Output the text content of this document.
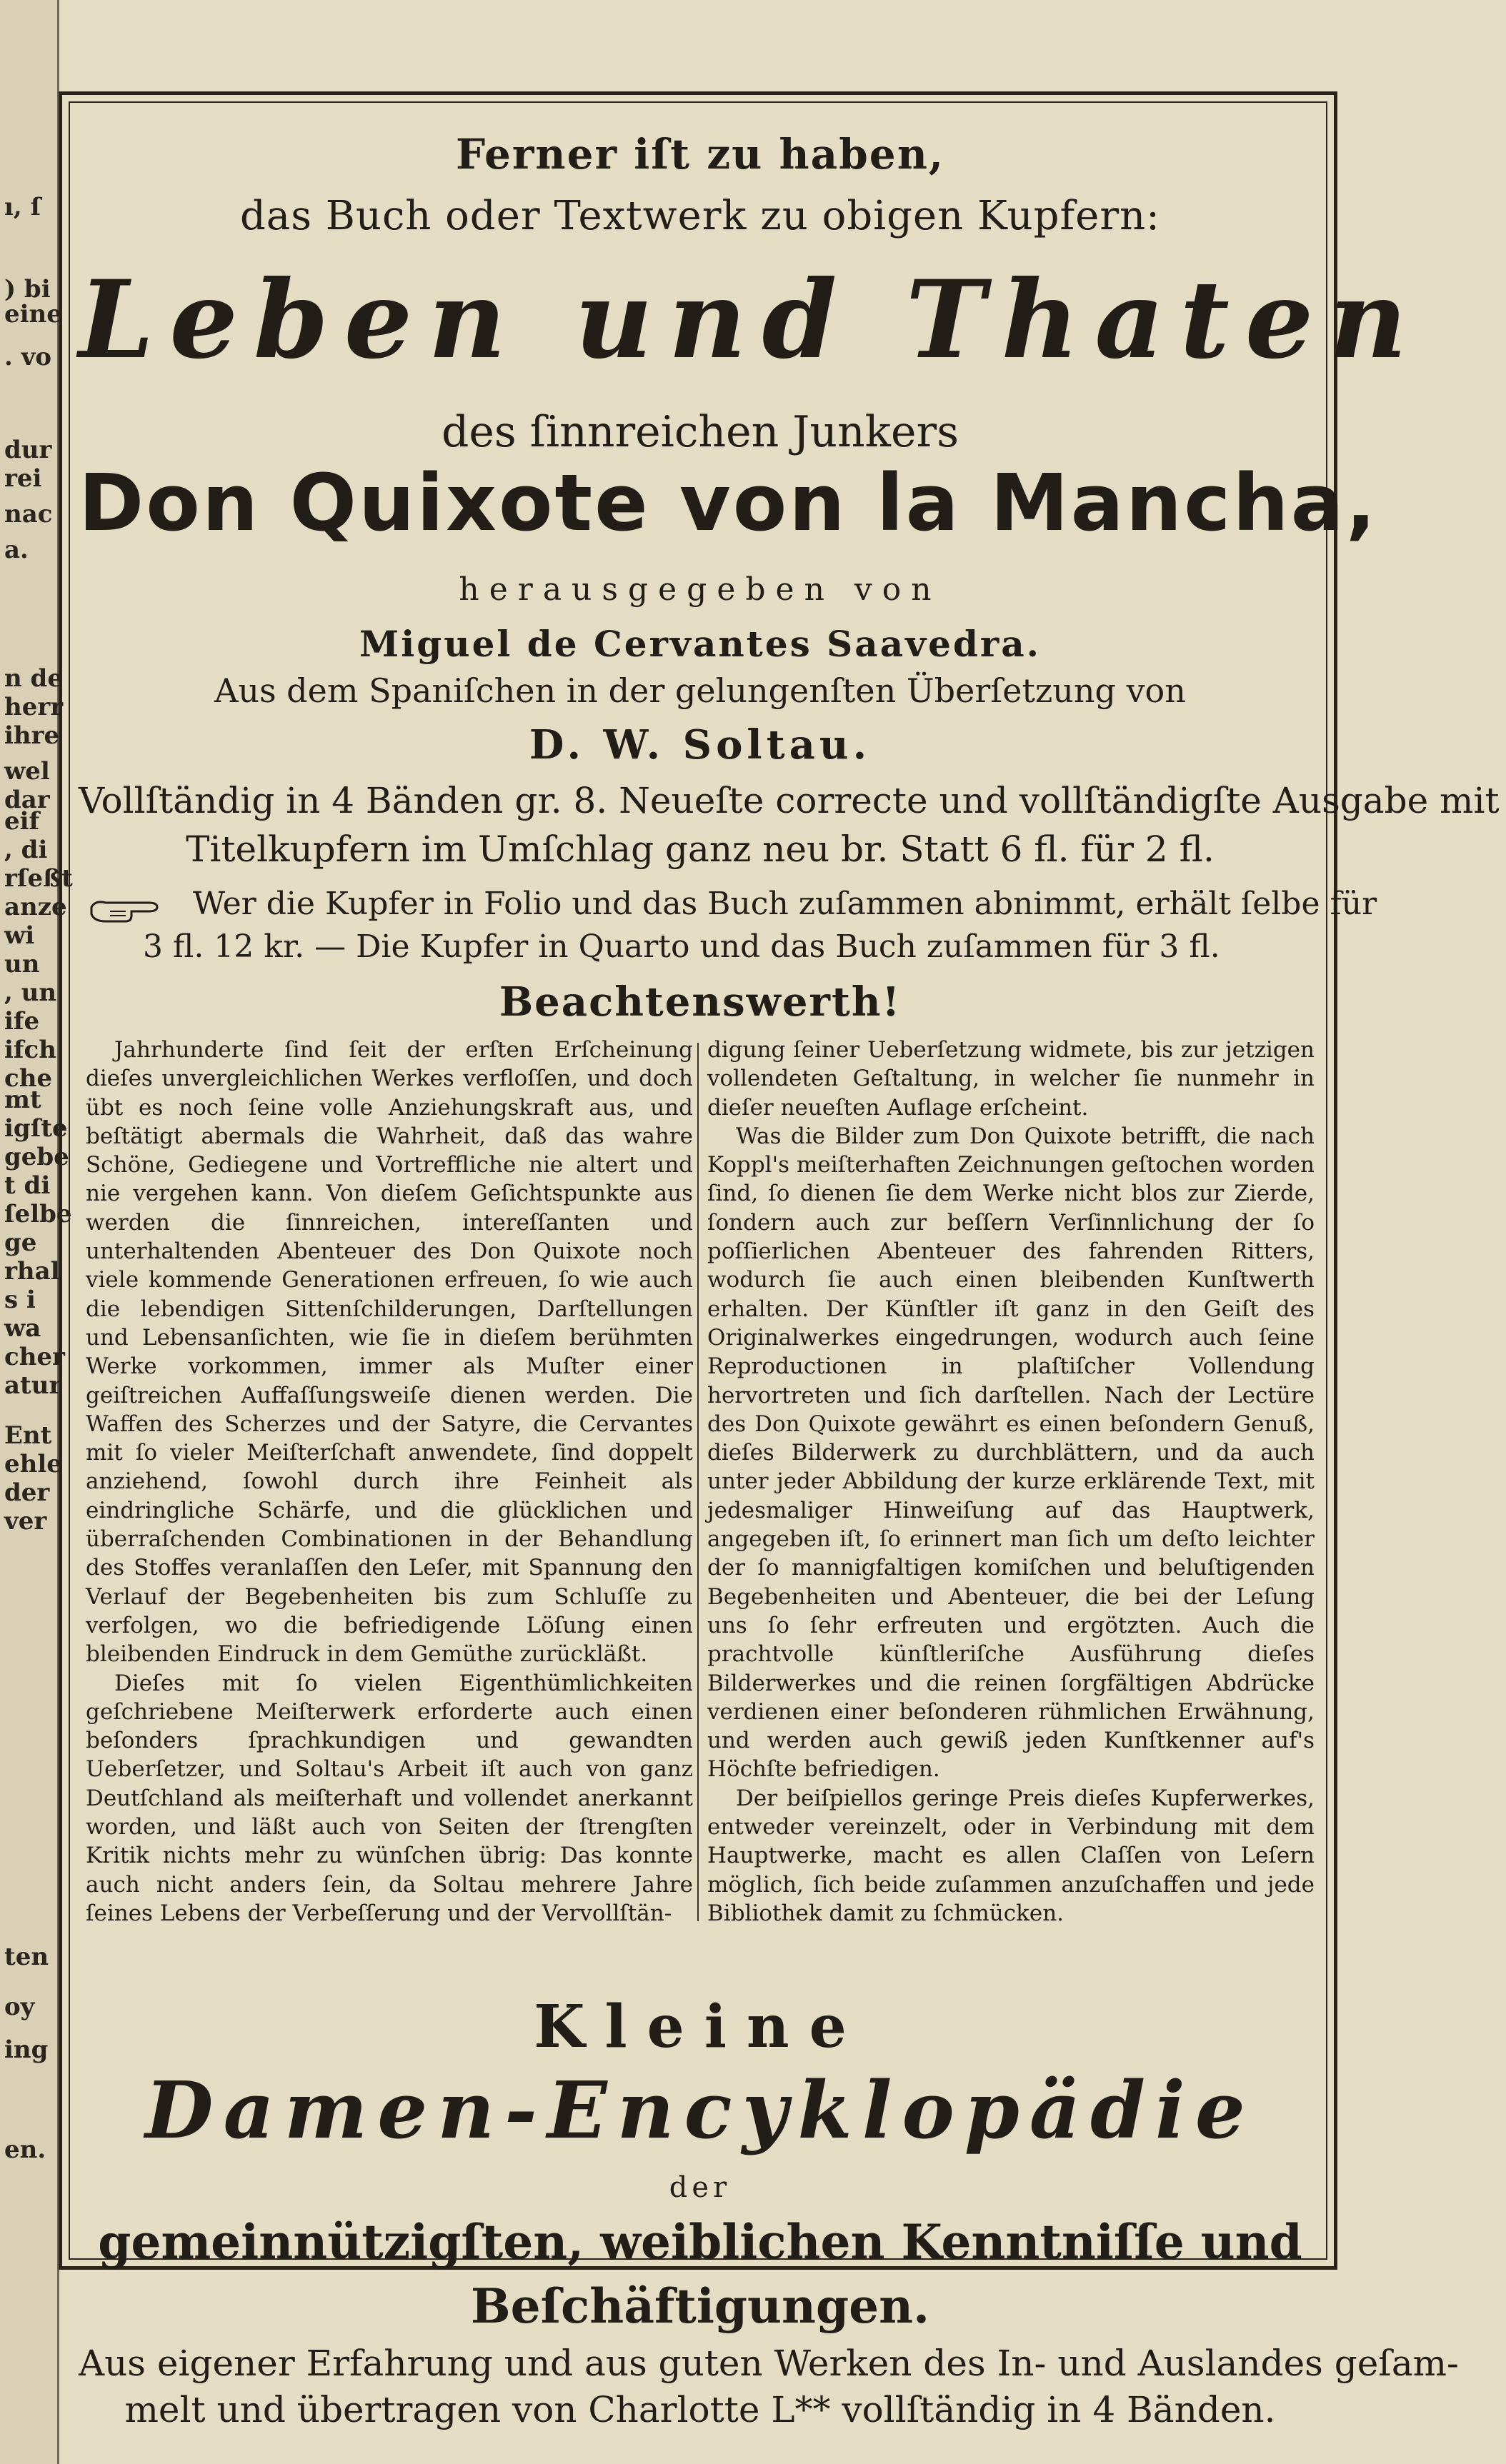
ı, ſ
) bi
eine
. vo
dur
rei
nac
a.
n de
herr
ihre
wel
dar
eif
, di
rſeßt
anze
wi
un
, un
ife
ifch
che
mt
igſte
gebe
t di
ſelbe
ge
rhal
s i
wa
cher
atur
Ent
ehle
der
ver
ten
oy
ing
en.
Ferner iſt zu haben,
das Buch oder Textwerk zu obigen Kupfern:
Leben und Thaten
des ſinnreichen Junkers
Don Quixote von la Mancha,
herausgegeben von
Miguel de Cervantes Saavedra.
Aus dem Spaniſchen in der gelungenſten Überſetzung von
D. W. Soltau.
Vollſtändig in 4 Bänden gr. 8. Neueſte correcte und vollſtändigſte Ausgabe mit
Titelkupfern im Umſchlag ganz neu br. Statt 6 fl. für 2 fl.
Wer die Kupfer in Folio und das Buch zuſammen abnimmt, erhält ſelbe für
3 fl. 12 kr. — Die Kupfer in Quarto und das Buch zuſammen für 3 fl.
Beachtenswerth!

Jahrhunderte ſind ſeit der erſten Erſcheinung dieſes unvergleichlichen Werkes verfloſſen, und doch übt es noch ſeine volle Anziehungskraft aus, und beſtätigt abermals die Wahrheit, daß das wahre Schöne, Gediegene und Vortreffliche nie altert und nie vergehen kann. Von dieſem Geſichtspunkte aus werden die ſinnreichen, intereſſanten und unterhaltenden Abenteuer des Don Quixote noch viele kommende Generationen erfreuen, ſo wie auch die lebendigen Sittenſchilderungen, Darſtellungen und Lebensanſichten, wie ſie in dieſem berühmten Werke vorkommen, immer als Muſter einer geiſtreichen Auffaſſungsweiſe dienen werden. Die Waffen des Scherzes und der Satyre, die Cervantes mit ſo vieler Meiſterſchaft anwendete, ſind doppelt anziehend, ſowohl durch ihre Feinheit als eindringliche Schärfe, und die glücklichen und überraſchenden Combinationen in der Behandlung des Stoffes veranlaſſen den Leſer, mit Spannung den Verlauf der Begebenheiten bis zum Schluſſe zu verfolgen, wo die befriedigende Löſung einen bleibenden Eindruck in dem Gemüthe zurückläßt.

Dieſes mit ſo vielen Eigenthümlichkeiten geſchriebene Meiſterwerk erforderte auch einen beſonders ſprachkundigen und gewandten Ueberſetzer, und Soltau's Arbeit iſt auch von ganz Deutſchland als meiſterhaft und vollendet anerkannt worden, und läßt auch von Seiten der ſtrengſten Kritik nichts mehr zu wünſchen übrig: Das konnte auch nicht anders ſein, da Soltau mehrere Jahre ſeines Lebens der Verbeſſerung und der Vervollſtän-

digung ſeiner Ueberſetzung widmete, bis zur jetzigen vollendeten Geſtaltung, in welcher ſie nunmehr in dieſer neueſten Auflage erſcheint.

Was die Bilder zum Don Quixote betrifft, die nach Koppl's meiſterhaften Zeichnungen geſtochen worden ſind, ſo dienen ſie dem Werke nicht blos zur Zierde, ſondern auch zur beſſern Verſinnlichung der ſo poſſierlichen Abenteuer des fahrenden Ritters, wodurch ſie auch einen bleibenden Kunſtwerth erhalten. Der Künſtler iſt ganz in den Geiſt des Originalwerkes eingedrungen, wodurch auch ſeine Reproductionen in plaſtiſcher Vollendung hervortreten und ſich darſtellen. Nach der Lectüre des Don Quixote gewährt es einen beſondern Genuß, dieſes Bilderwerk zu durchblättern, und da auch unter jeder Abbildung der kurze erklärende Text, mit jedesmaliger Hinweiſung auf das Hauptwerk, angegeben iſt, ſo erinnert man ſich um deſto leichter der ſo mannigfaltigen komiſchen und beluſtigenden Begebenheiten und Abenteuer, die bei der Leſung uns ſo ſehr erfreuten und ergötzten. Auch die prachtvolle künſtleriſche Ausführung dieſes Bilderwerkes und die reinen ſorgfältigen Abdrücke verdienen einer beſonderen rühmlichen Erwähnung, und werden auch gewiß jeden Kunſtkenner auf's Höchſte befriedigen.

Der beiſpiellos geringe Preis dieſes Kupferwerkes, entweder vereinzelt, oder in Verbindung mit dem Hauptwerke, macht es allen Claſſen von Leſern möglich, ſich beide zuſammen anzuſchaffen und jede Bibliothek damit zu ſchmücken.

Kleine
Damen-Encyklopädie
der
gemeinnützigſten, weiblichen Kenntniſſe und
Beſchäftigungen.
Aus eigener Erfahrung und aus guten Werken des In- und Auslandes geſam-
melt und übertragen von Charlotte L** vollſtändig in 4 Bänden.
